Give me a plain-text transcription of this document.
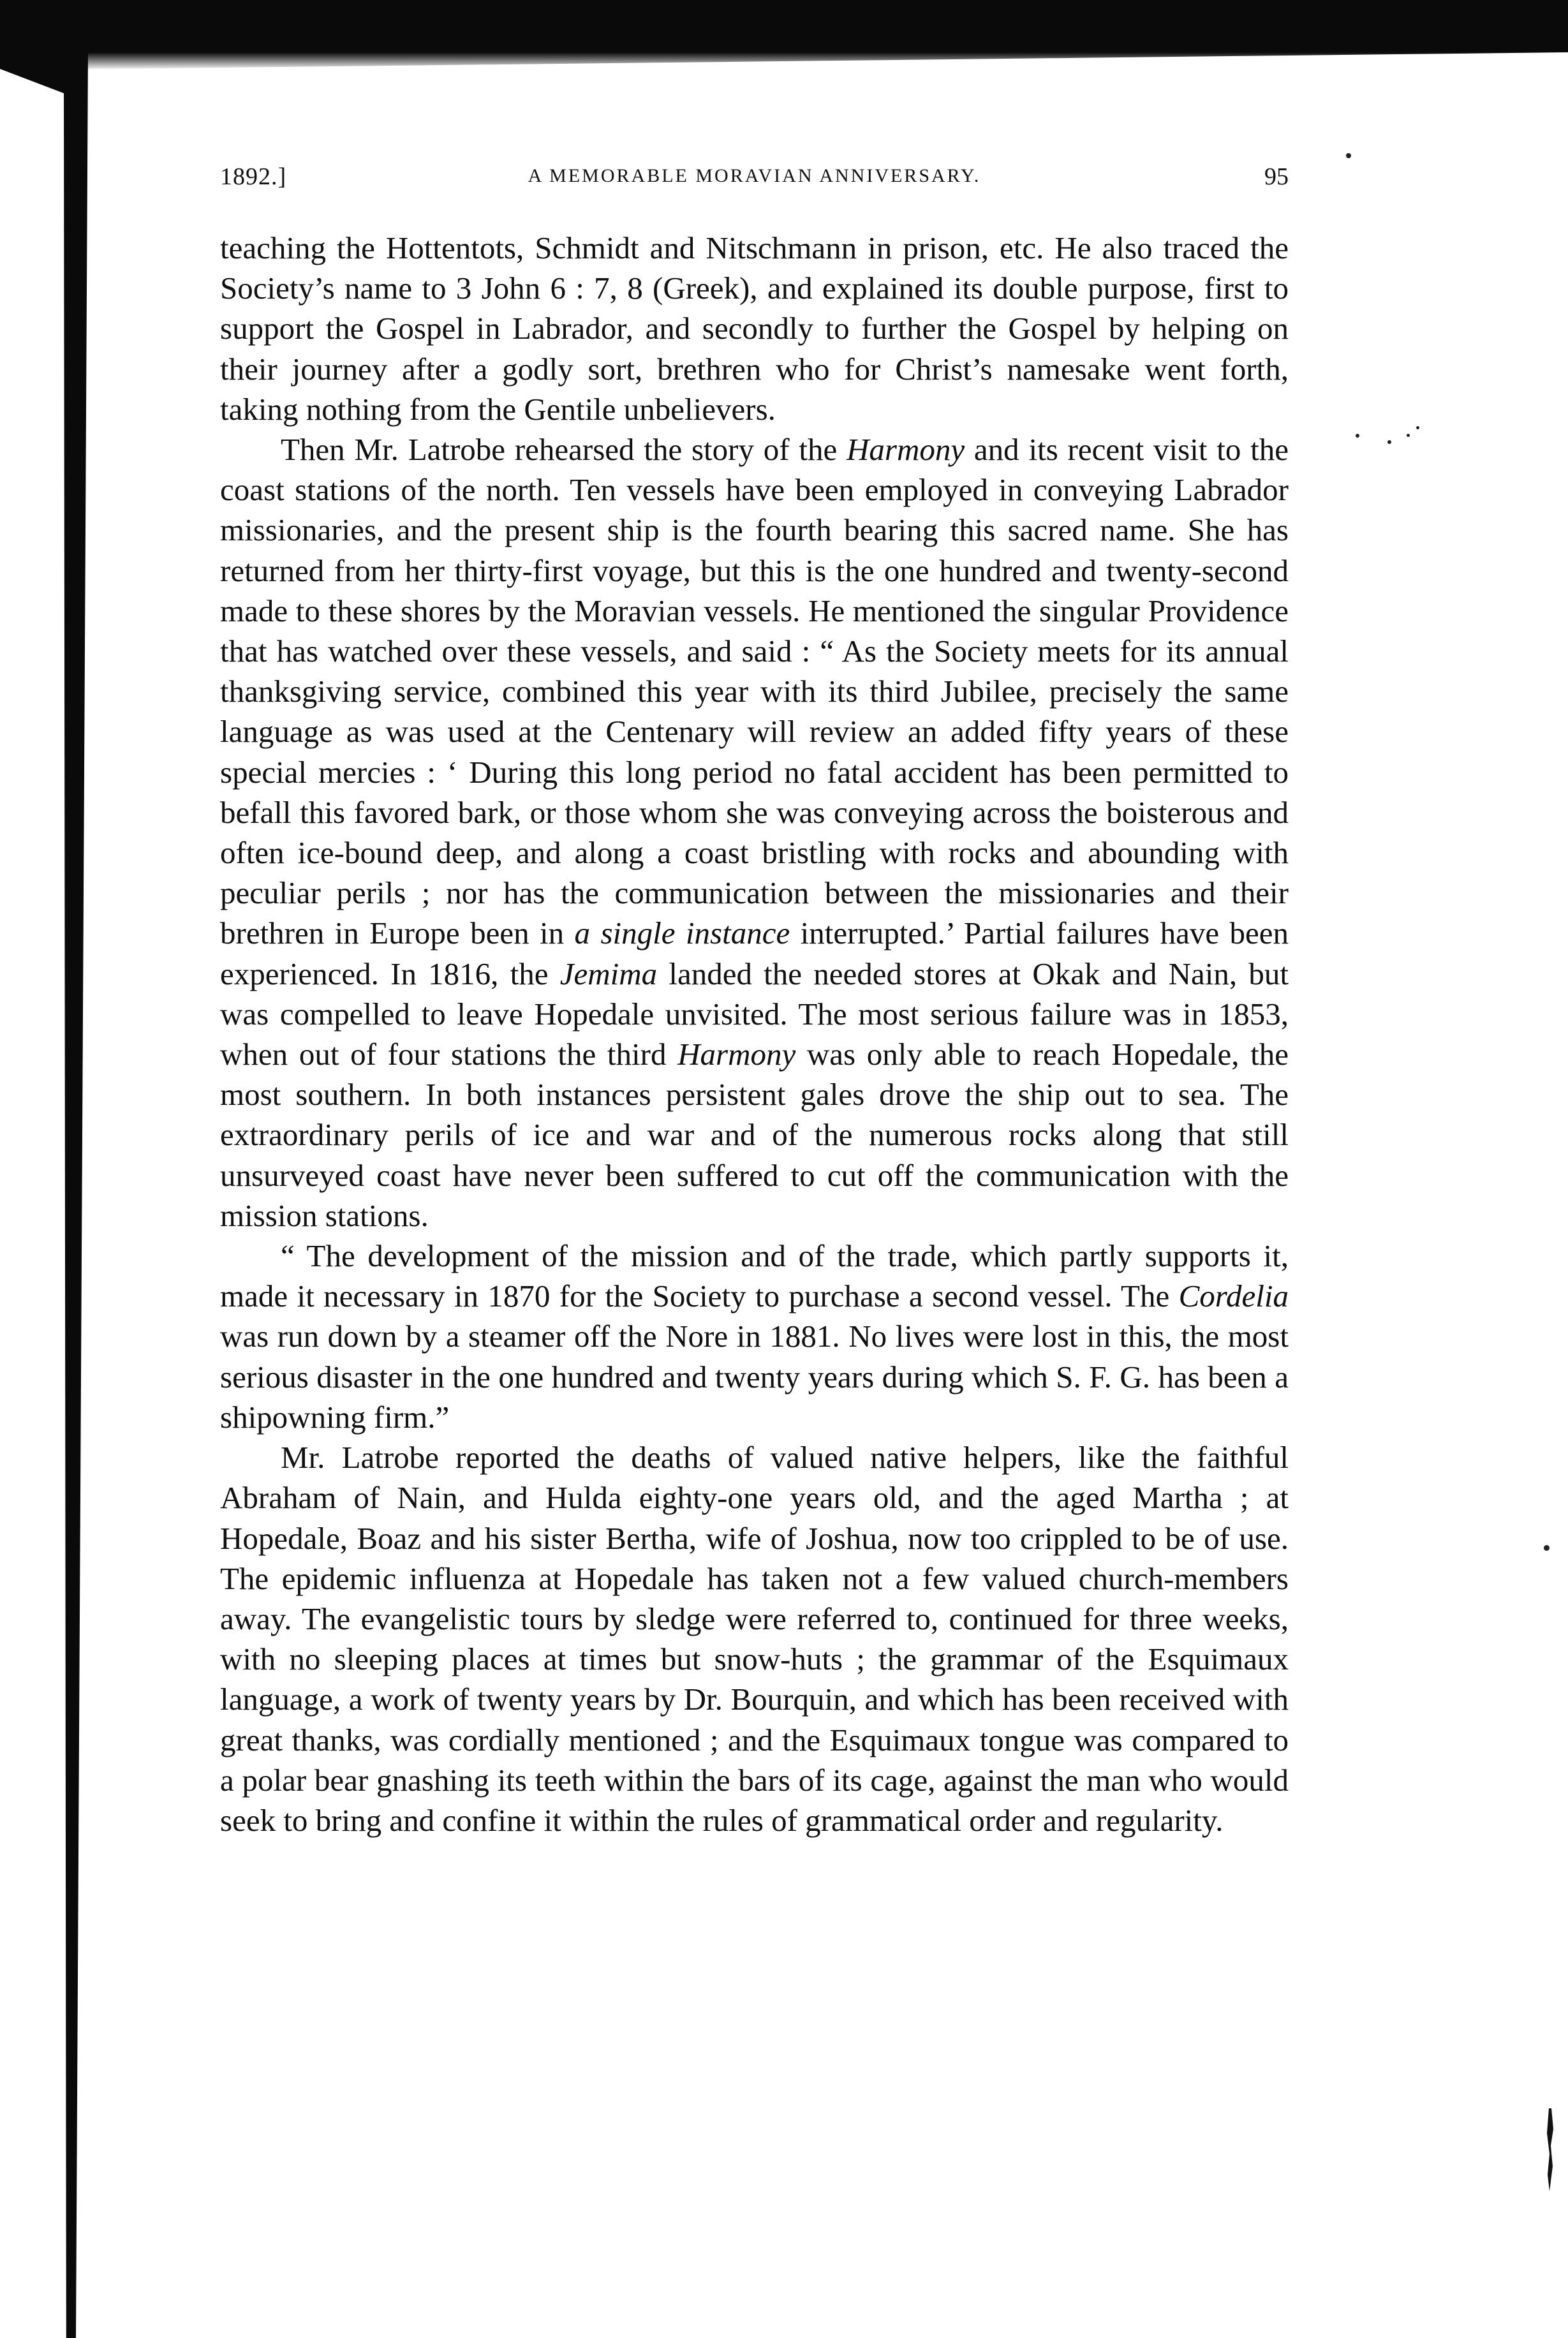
1892.]	A MEMORABLE MORAVIAN ANNIVERSARY.	95

teaching the Hottentots, Schmidt and Nitschmann in prison, etc. He also traced the Society’s name to 3 John 6 : 7, 8 (Greek), and explained its double purpose, first to support the Gospel in Labrador, and secondly to further the Gospel by helping on their journey after a godly sort, brethren who for Christ’s namesake went forth, taking nothing from the Gentile unbelievers.

Then Mr. Latrobe rehearsed the story of the Harmony and its recent visit to the coast stations of the north. Ten vessels have been employed in conveying Labrador missionaries, and the present ship is the fourth bearing this sacred name. She has returned from her thirty-first voyage, but this is the one hundred and twenty-second made to these shores by the Moravian vessels. He mentioned the singular Providence that has watched over these vessels, and said : “ As the Society meets for its annual thanksgiving service, combined this year with its third Jubilee, precisely the same language as was used at the Centenary will review an added fifty years of these special mercies : ‘ During this long period no fatal accident has been permitted to befall this favored bark, or those whom she was conveying across the boisterous and often ice-bound deep, and along a coast bristling with rocks and abounding with peculiar perils ; nor has the communication between the missionaries and their brethren in Europe been in a single instance interrupted.’ Partial failures have been experienced. In 1816, the Jemima landed the needed stores at Okak and Nain, but was compelled to leave Hopedale unvisited. The most serious failure was in 1853, when out of four stations the third Harmony was only able to reach Hopedale, the most southern. In both instances persistent gales drove the ship out to sea. The extraordinary perils of ice and war and of the numerous rocks along that still unsurveyed coast have never been suffered to cut off the communication with the mission stations.

“ The development of the mission and of the trade, which partly supports it, made it necessary in 1870 for the Society to purchase a second vessel. The Cordelia was run down by a steamer off the Nore in 1881. No lives were lost in this, the most serious disaster in the one hundred and twenty years during which S. F. G. has been a shipowning firm.”

Mr. Latrobe reported the deaths of valued native helpers, like the faithful Abraham of Nain, and Hulda eighty-one years old, and the aged Martha ; at Hopedale, Boaz and his sister Bertha, wife of Joshua, now too crippled to be of use. The epidemic influenza at Hopedale has taken not a few valued church-members away. The evangelistic tours by sledge were referred to, continued for three weeks, with no sleeping places at times but snow-huts ; the grammar of the Esquimaux language, a work of twenty years by Dr. Bourquin, and which has been received with great thanks, was cordially mentioned ; and the Esquimaux tongue was compared to a polar bear gnashing its teeth within the bars of its cage, against the man who would seek to bring and confine it within the rules of grammatical order and regularity.
